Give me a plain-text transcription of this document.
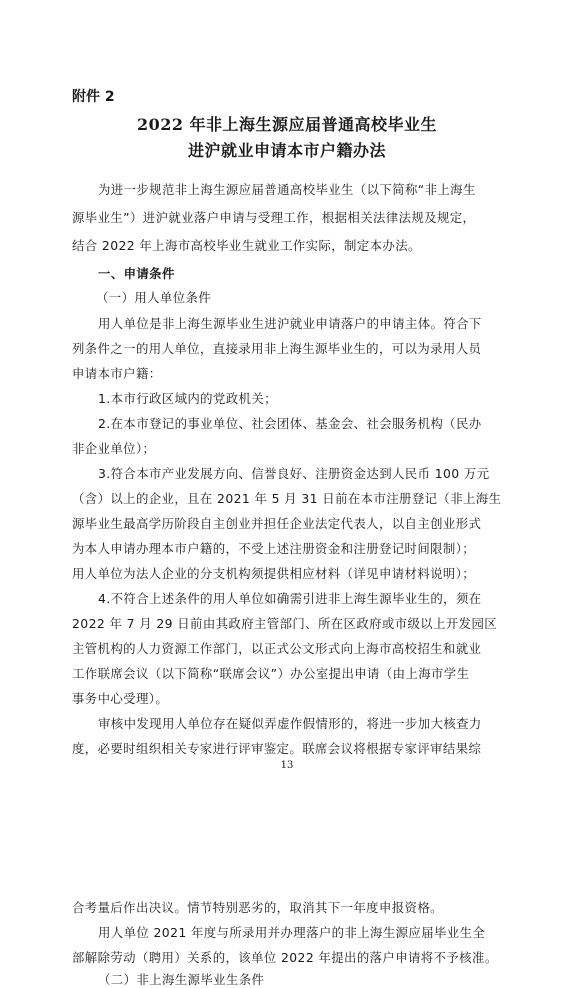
附件 2
2022 年非上海生源应届普通高校毕业生
进沪就业申请本市户籍办法
为进一步规范非上海生源应届普通高校毕业生（以下简称“非上海生
源毕业生”）进沪就业落户申请与受理工作，根据相关法律法规及规定，
结合 2022 年上海市高校毕业生就业工作实际，制定本办法。
一、申请条件
（一）用人单位条件
用人单位是非上海生源毕业生进沪就业申请落户的申请主体。符合下
列条件之一的用人单位，直接录用非上海生源毕业生的，可以为录用人员
申请本市户籍：
1.本市行政区域内的党政机关；
2.在本市登记的事业单位、社会团体、基金会、社会服务机构（民办
非企业单位）；
3.符合本市产业发展方向、信誉良好、注册资金达到人民币 100 万元
（含）以上的企业，且在 2021 年 5 月 31 日前在本市注册登记（非上海生
源毕业生最高学历阶段自主创业并担任企业法定代表人，以自主创业形式
为本人申请办理本市户籍的，不受上述注册资金和注册登记时间限制）；
用人单位为法人企业的分支机构须提供相应材料（详见申请材料说明）；
4.不符合上述条件的用人单位如确需引进非上海生源毕业生的，须在
2022 年 7 月 29 日前由其政府主管部门、所在区政府或市级以上开发园区
主管机构的人力资源工作部门，以正式公文形式向上海市高校招生和就业
工作联席会议（以下简称“联席会议”）办公室提出申请（由上海市学生
事务中心受理）。
审核中发现用人单位存在疑似弄虚作假情形的，将进一步加大核查力
度，必要时组织相关专家进行评审鉴定。联席会议将根据专家评审结果综
13
合考量后作出决议。情节特别恶劣的，取消其下一年度申报资格。
用人单位 2021 年度与所录用并办理落户的非上海生源应届毕业生全
部解除劳动（聘用）关系的，该单位 2022 年提出的落户申请将不予核准。
（二）非上海生源毕业生条件
